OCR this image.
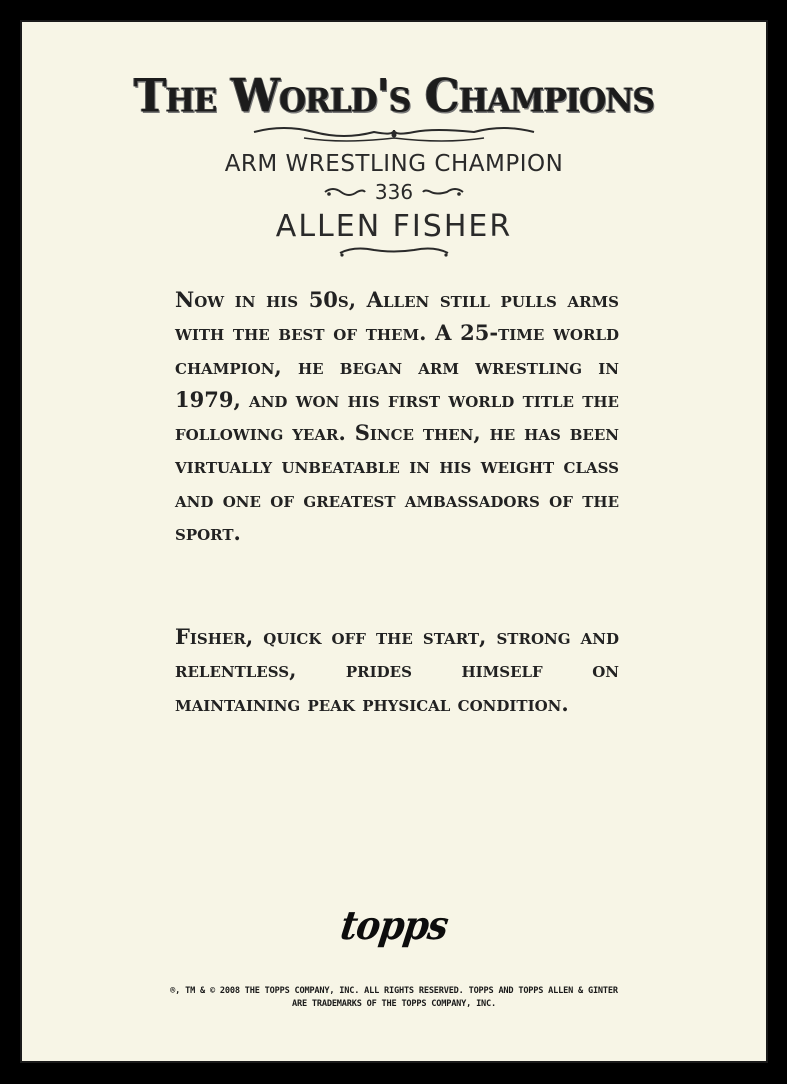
The World's Champions
ARM WRESTLING CHAMPION
336
ALLEN FISHER
Now in his 50s, Allen still pulls arms with the best of them. A 25-time world champion, he began arm wrestling in 1979, and won his first world title the following year. Since then, he has been virtually unbeatable in his weight class and one of greatest ambassadors of the sport.
Fisher, quick off the start, strong and relentless, prides himself on maintaining peak physical condition.
topps
®, TM & © 2008 THE TOPPS COMPANY, INC. ALL RIGHTS RESERVED. TOPPS AND TOPPS ALLEN & GINTER
ARE TRADEMARKS OF THE TOPPS COMPANY, INC.
